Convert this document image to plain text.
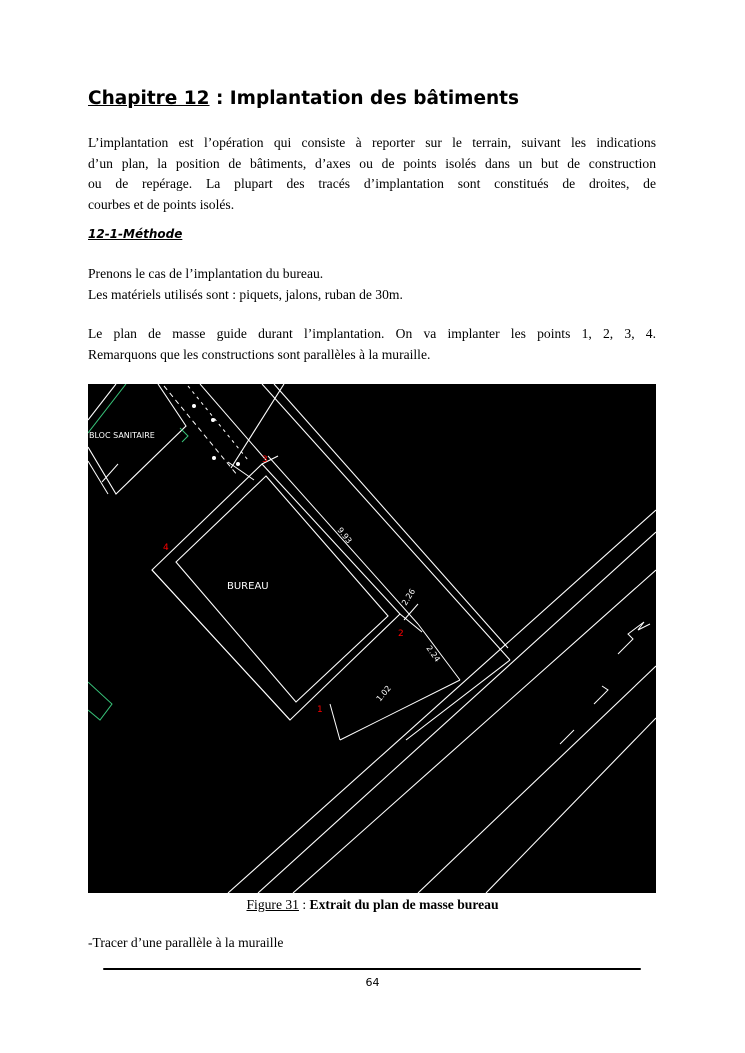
Chapitre 12 : Implantation des bâtiments

L’implantation est l’opération qui consiste à reporter sur le terrain, suivant les indications
d’un plan, la position de bâtiments, d’axes ou de points isolés dans un but de construction
ou de repérage. La plupart des tracés d’implantation sont constitués de droites, de
courbes et de points isolés.

12-1-Méthode

Prenons le cas de l’implantation du bureau.
Les matériels utilisés sont : piquets, jalons, ruban de 30m.

Le plan de masse guide durant l’implantation. On va implanter les points 1, 2, 3, 4.
Remarquons que les constructions sont parallèles à la muraille.

BLOC SANITAIRE
BUREAU
9.93
2.26
2.24
1.02
3
4
2
1
Figure 31 : Extrait du plan de masse bureau

-Tracer d’une parallèle à la muraille

64
